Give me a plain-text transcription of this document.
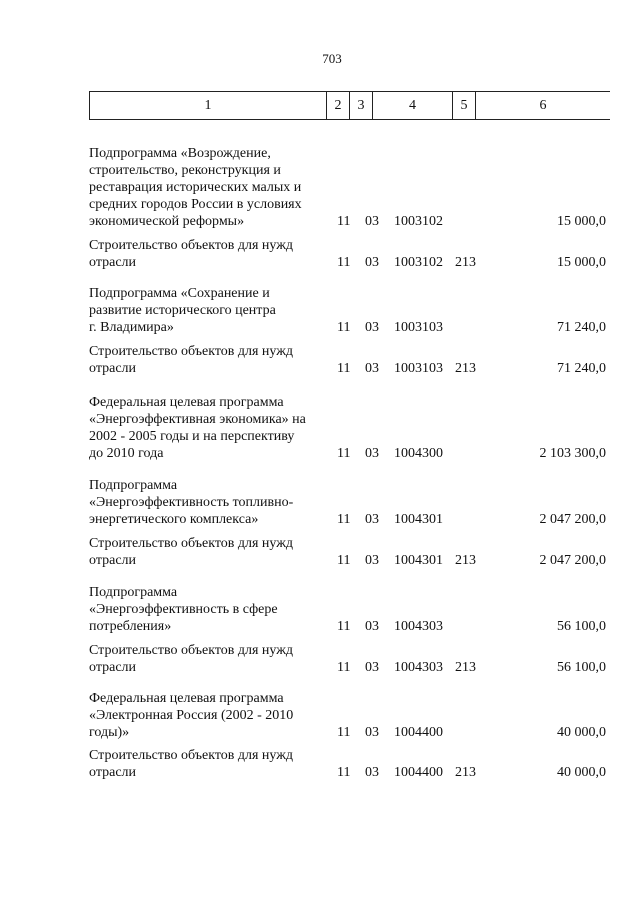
703
1	2	3	4	5	6
Подпрограмма «Возрождение,
строительство, реконструкция и
реставрация исторических малых и
средних городов России в условиях
экономической реформы»	11 03 1003102	15 000,0
Строительство объектов для нужд
отрасли	11 03 1003102 213	15 000,0
Подпрограмма «Сохранение и
развитие исторического центра
г. Владимира»	11 03 1003103	71 240,0
Строительство объектов для нужд
отрасли	11 03 1003103 213	71 240,0
Федеральная целевая программа
«Энергоэффективная экономика» на
2002 - 2005 годы и на перспективу
до 2010 года	11 03 1004300	2 103 300,0
Подпрограмма
«Энергоэффективность топливно-
энергетического комплекса»	11 03 1004301	2 047 200,0
Строительство объектов для нужд
отрасли	11 03 1004301 213	2 047 200,0
Подпрограмма
«Энергоэффективность в сфере
потребления»	11 03 1004303	56 100,0
Строительство объектов для нужд
отрасли	11 03 1004303 213	56 100,0
Федеральная целевая программа
«Электронная Россия (2002 - 2010
годы)»	11 03 1004400	40 000,0
Строительство объектов для нужд
отрасли	11 03 1004400 213	40 000,0
